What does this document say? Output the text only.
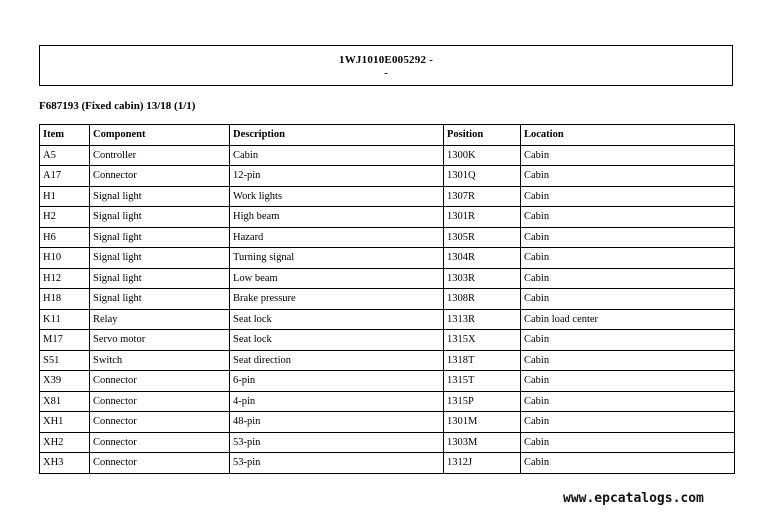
1WJ1010E005292 -
-
F687193 (Fixed cabin) 13/18 (1/1)
Item	Component	Description	Position	Location
A5	Controller	Cabin	1300K	Cabin
A17	Connector	12-pin	1301Q	Cabin
H1	Signal light	Work lights	1307R	Cabin
H2	Signal light	High beam	1301R	Cabin
H6	Signal light	Hazard	1305R	Cabin
H10	Signal light	Turning signal	1304R	Cabin
H12	Signal light	Low beam	1303R	Cabin
H18	Signal light	Brake pressure	1308R	Cabin
K11	Relay	Seat lock	1313R	Cabin load center
M17	Servo motor	Seat lock	1315X	Cabin
S51	Switch	Seat direction	1318T	Cabin
X39	Connector	6-pin	1315T	Cabin
X81	Connector	4-pin	1315P	Cabin
XH1	Connector	48-pin	1301M	Cabin
XH2	Connector	53-pin	1303M	Cabin
XH3	Connector	53-pin	1312J	Cabin
www.epcatalogs.com
